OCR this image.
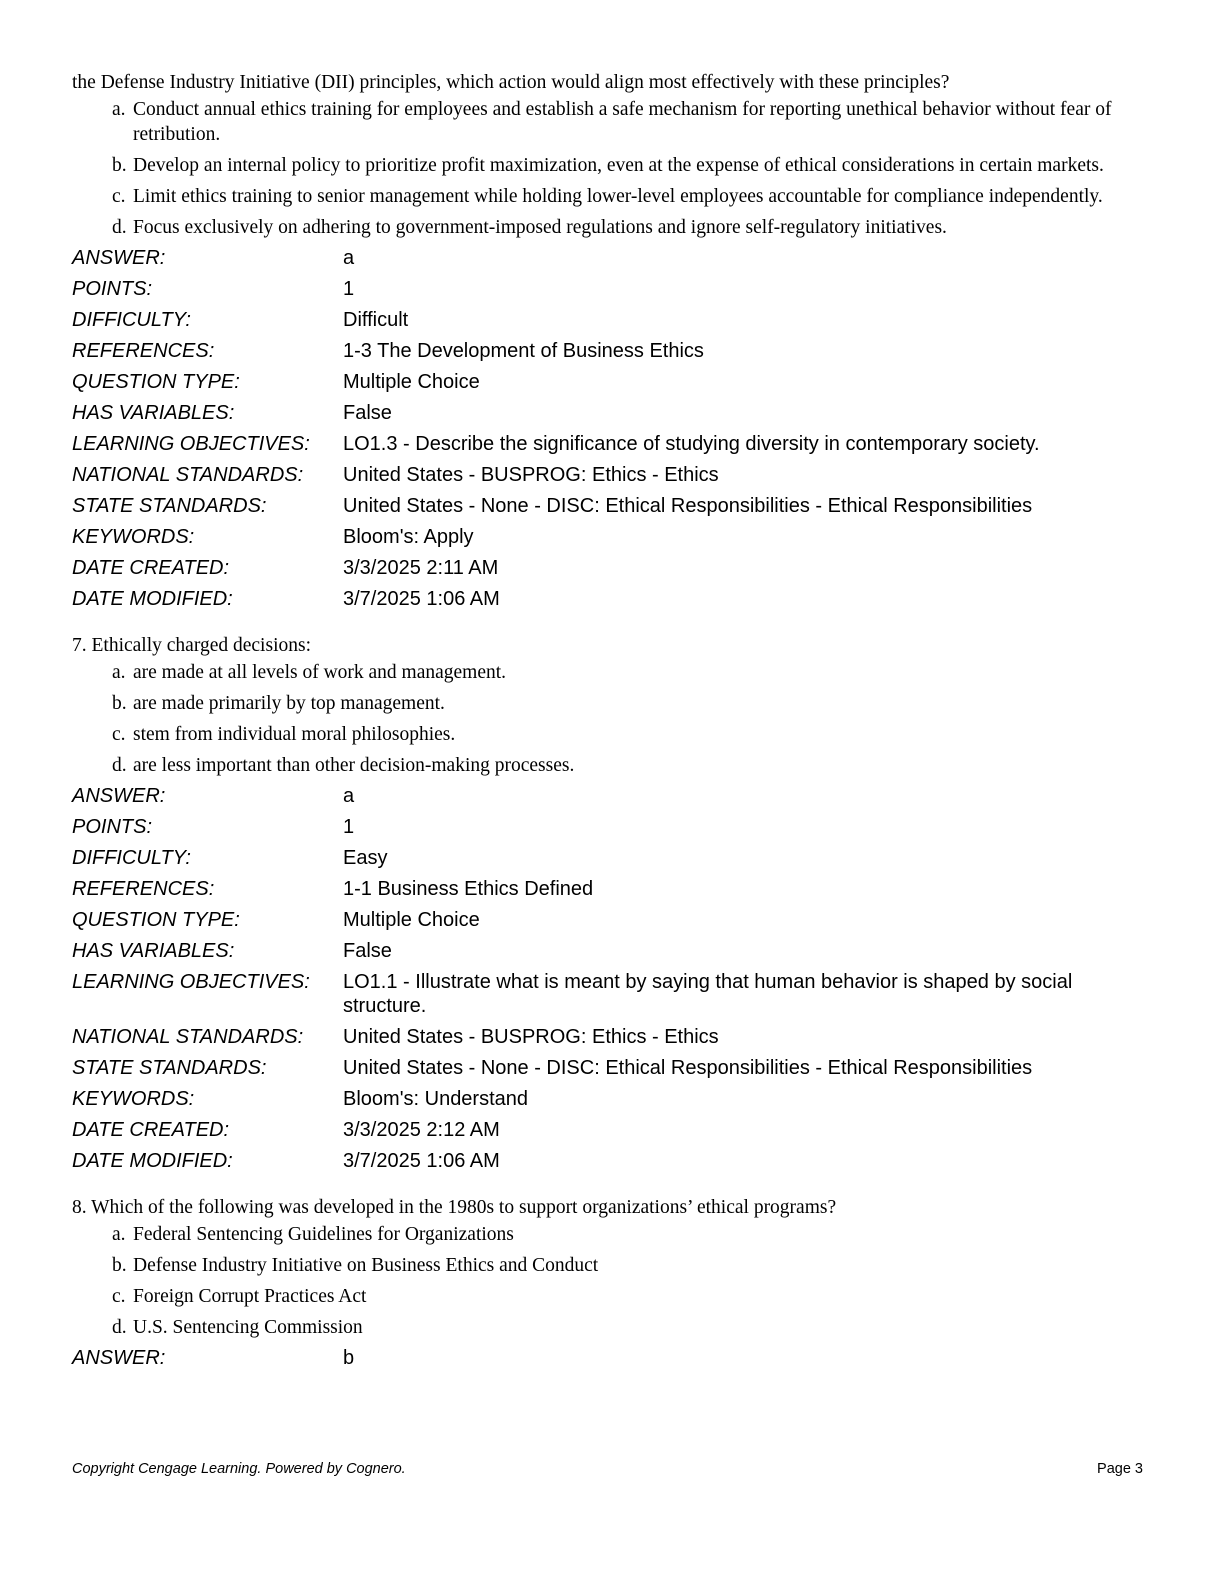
the Defense Industry Initiative (DII) principles, which action would align most effectively with these principles?

a. Conduct annual ethics training for employees and establish a safe mechanism for reporting unethical behavior without fear of retribution.
b. Develop an internal policy to prioritize profit maximization, even at the expense of ethical considerations in certain markets.
c. Limit ethics training to senior management while holding lower-level employees accountable for compliance independently.
d. Focus exclusively on adhering to government-imposed regulations and ignore self-regulatory initiatives.
ANSWER:	a
POINTS:	1
DIFFICULTY:	Difficult
REFERENCES:	1-3 The Development of Business Ethics
QUESTION TYPE:	Multiple Choice
HAS VARIABLES:	False
LEARNING OBJECTIVES:	LO1.3 - Describe the significance of studying diversity in contemporary society.
NATIONAL STANDARDS:	United States - BUSPROG: Ethics - Ethics
STATE STANDARDS:	United States - None - DISC: Ethical Responsibilities - Ethical Responsibilities
KEYWORDS:	Bloom's: Apply
DATE CREATED:	3/3/2025 2:11 AM
DATE MODIFIED:	3/7/2025 1:06 AM

7. Ethically charged decisions:

a. are made at all levels of work and management.
b. are made primarily by top management.
c. stem from individual moral philosophies.
d. are less important than other decision-making processes.
ANSWER:	a
POINTS:	1
DIFFICULTY:	Easy
REFERENCES:	1-1 Business Ethics Defined
QUESTION TYPE:	Multiple Choice
HAS VARIABLES:	False
LEARNING OBJECTIVES:	LO1.1 - Illustrate what is meant by saying that human behavior is shaped by social structure.
NATIONAL STANDARDS:	United States - BUSPROG: Ethics - Ethics
STATE STANDARDS:	United States - None - DISC: Ethical Responsibilities - Ethical Responsibilities
KEYWORDS:	Bloom's: Understand
DATE CREATED:	3/3/2025 2:12 AM
DATE MODIFIED:	3/7/2025 1:06 AM

8. Which of the following was developed in the 1980s to support organizations’ ethical programs?

a. Federal Sentencing Guidelines for Organizations
b. Defense Industry Initiative on Business Ethics and Conduct
c. Foreign Corrupt Practices Act
d. U.S. Sentencing Commission
ANSWER:	b
Copyright Cengage Learning. Powered by Cognero.	Page 3
